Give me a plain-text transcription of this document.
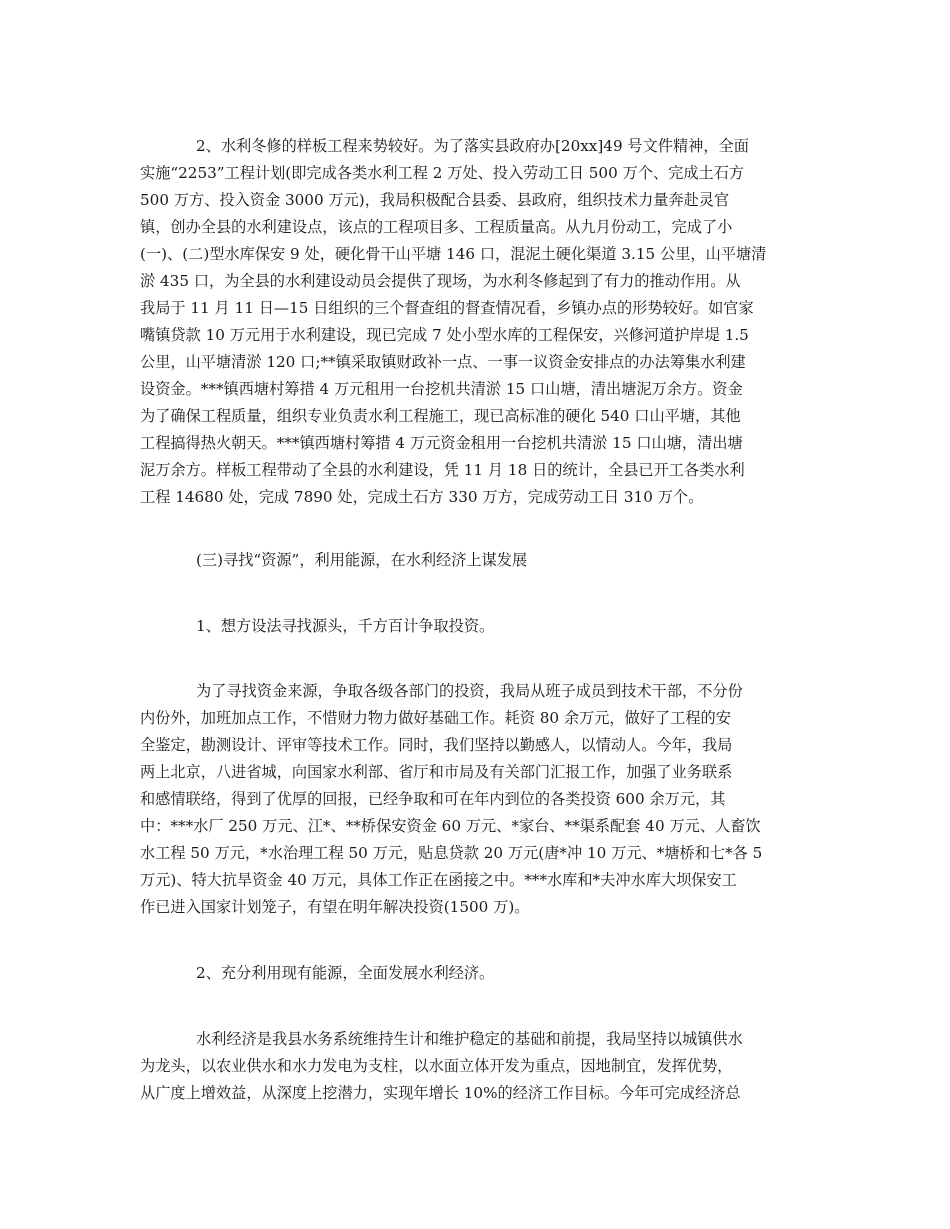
2、水利冬修的样板工程来势较好。为了落实县政府办[20xx]49 号文件精神，全面
实施“2253”工程计划(即完成各类水利工程 2 万处、投入劳动工日 500 万个、完成土石方
500 万方、投入资金 3000 万元)，我局积极配合县委、县政府，组织技术力量奔赴灵官
镇，创办全县的水利建设点，该点的工程项目多、工程质量高。从九月份动工，完成了小
(一)、(二)型水库保安 9 处，硬化骨干山平塘 146 口，混泥土硬化渠道 3.15 公里，山平塘清
淤 435 口，为全县的水利建设动员会提供了现场，为水利冬修起到了有力的推动作用。从
我局于 11 月 11 日—15 日组织的三个督查组的督查情况看，乡镇办点的形势较好。如官家
嘴镇贷款 10 万元用于水利建设，现已完成 7 处小型水库的工程保安，兴修河道护岸堤 1.5
公里，山平塘清淤 120 口;**镇采取镇财政补一点、一事一议资金安排点的办法筹集水利建
设资金。***镇西塘村筹措 4 万元租用一台挖机共清淤 15 口山塘，清出塘泥万余方。资金
为了确保工程质量，组织专业负责水利工程施工，现已高标准的硬化 540 口山平塘，其他
工程搞得热火朝天。***镇西塘村筹措 4 万元资金租用一台挖机共清淤 15 口山塘，清出塘
泥万余方。样板工程带动了全县的水利建设，凭 11 月 18 日的统计，全县已开工各类水利
工程 14680 处，完成 7890 处，完成土石方 330 万方，完成劳动工日 310 万个。
(三)寻找“资源”，利用能源，在水利经济上谋发展
1、想方设法寻找源头，千方百计争取投资。
为了寻找资金来源，争取各级各部门的投资，我局从班子成员到技术干部，不分份
内份外，加班加点工作，不惜财力物力做好基础工作。耗资 80 余万元，做好了工程的安
全鉴定，勘测设计、评审等技术工作。同时，我们坚持以勤感人，以情动人。今年，我局
两上北京，八进省城，向国家水利部、省厅和市局及有关部门汇报工作，加强了业务联系
和感情联络，得到了优厚的回报，已经争取和可在年内到位的各类投资 600 余万元，其
中：***水厂 250 万元、江*、**桥保安资金 60 万元、*家台、**渠系配套 40 万元、人畜饮
水工程 50 万元，*水治理工程 50 万元，贴息贷款 20 万元(唐*冲 10 万元、*塘桥和七*各 5
万元)、特大抗旱资金 40 万元，具体工作正在函接之中。***水库和*夫冲水库大坝保安工
作已进入国家计划笼子，有望在明年解决投资(1500 万)。
2、充分利用现有能源，全面发展水利经济。
水利经济是我县水务系统维持生计和维护稳定的基础和前提，我局坚持以城镇供水
为龙头，以农业供水和水力发电为支柱，以水面立体开发为重点，因地制宜，发挥优势，
从广度上增效益，从深度上挖潜力，实现年增长 10%的经济工作目标。今年可完成经济总
